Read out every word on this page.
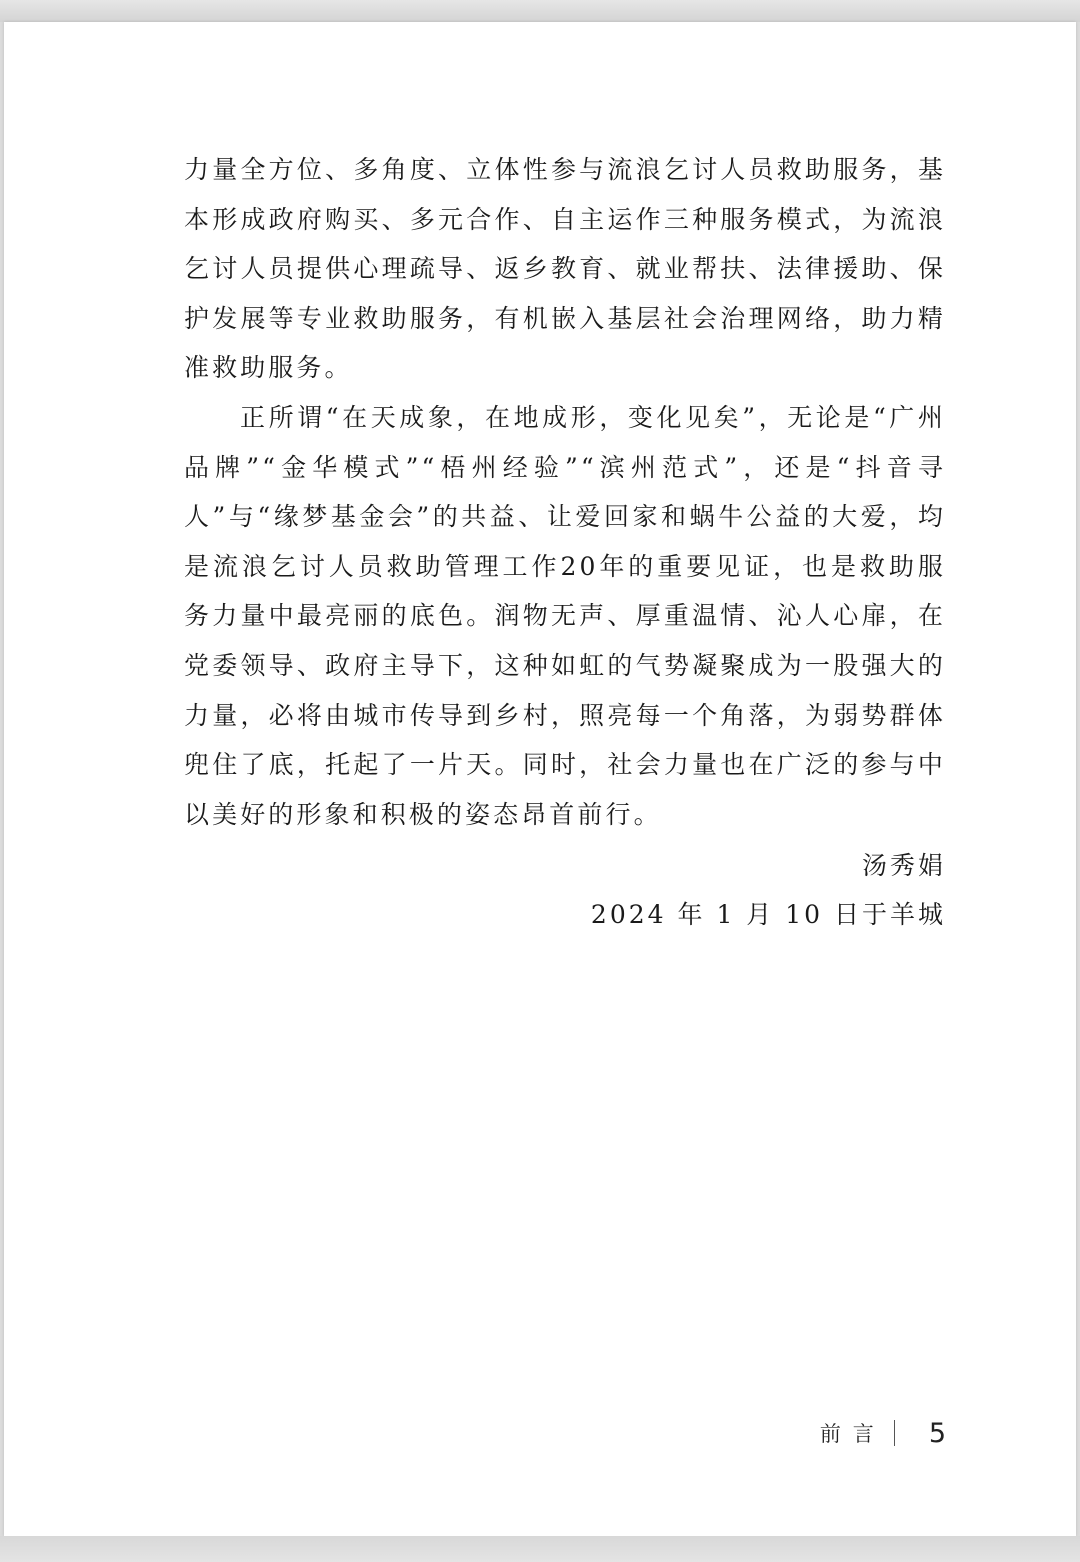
力量全方位、多角度、立体性参与流浪乞讨人员救助服务，基本形成政府购买、多元合作、自主运作三种服务模式，为流浪乞讨人员提供心理疏导、返乡教育、就业帮扶、法律援助、保护发展等专业救助服务，有机嵌入基层社会治理网络，助力精准救助服务。

正所谓“在天成象，在地成形，变化见矣”，无论是“广州品牌”“金华模式”“梧州经验”“滨州范式”，还是“抖音寻人”与“缘梦基金会”的共益、让爱回家和蜗牛公益的大爱，均是流浪乞讨人员救助管理工作20年的重要见证，也是救助服务力量中最亮丽的底色。润物无声、厚重温情、沁人心扉，在党委领导、政府主导下，这种如虹的气势凝聚成为一股强大的力量，必将由城市传导到乡村，照亮每一个角落，为弱势群体兜住了底，托起了一片天。同时，社会力量也在广泛的参与中以美好的形象和积极的姿态昂首前行。

汤秀娟
2024 年 1 月 10 日于羊城
前言 5
